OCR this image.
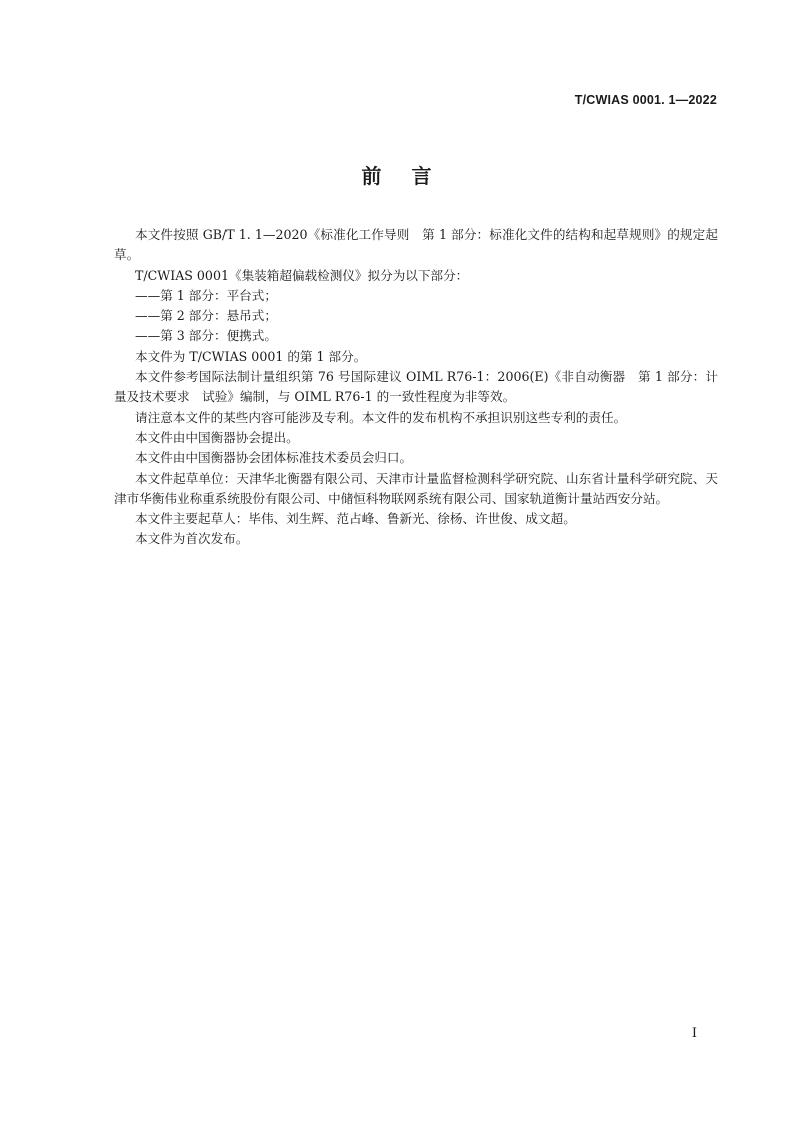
T/CWIAS 0001. 1—2022
前言

本文件按照 GB/T 1. 1—2020《标准化工作导则　第 1 部分：标准化文件的结构和起草规则》的规定起草。

T/CWIAS 0001《集装箱超偏载检测仪》拟分为以下部分：

——第 1 部分：平台式；

——第 2 部分：悬吊式；

——第 3 部分：便携式。

本文件为 T/CWIAS 0001 的第 1 部分。

本文件参考国际法制计量组织第 76 号国际建议 OIML R76-1：2006(E)《非自动衡器　第 1 部分：计量及技术要求　试验》编制，与 OIML R76-1 的一致性程度为非等效。

请注意本文件的某些内容可能涉及专利。本文件的发布机构不承担识别这些专利的责任。

本文件由中国衡器协会提出。

本文件由中国衡器协会团体标准技术委员会归口。

本文件起草单位：天津华北衡器有限公司、天津市计量监督检测科学研究院、山东省计量科学研究院、天津市华衡伟业称重系统股份有限公司、中储恒科物联网系统有限公司、国家轨道衡计量站西安分站。

本文件主要起草人：毕伟、刘生辉、范占峰、鲁新光、徐杨、许世俊、成文超。

本文件为首次发布。

I
